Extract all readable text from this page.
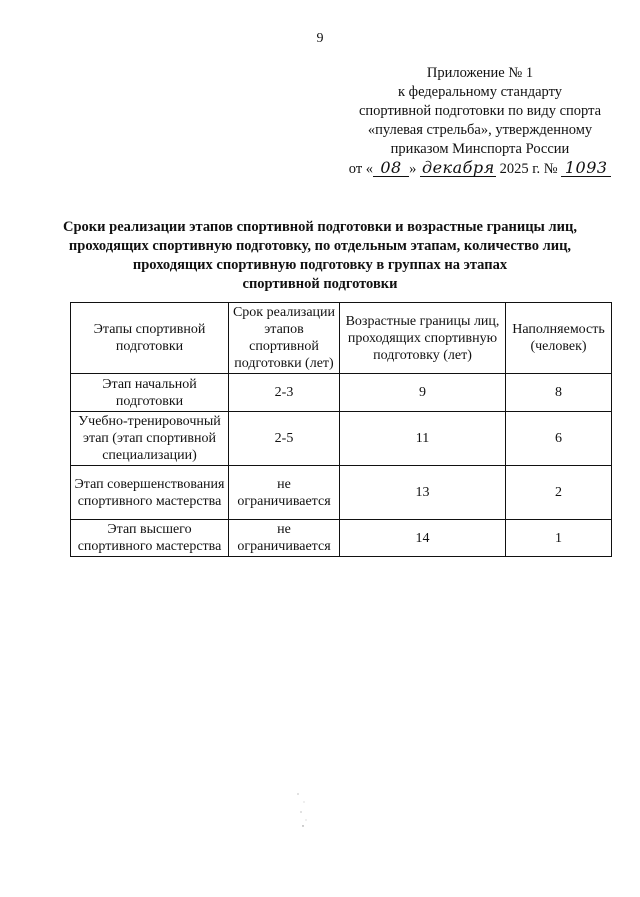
9
Приложение № 1
к федеральному стандарту
спортивной подготовки по виду спорта
«пулевая стрельба», утвержденному
приказом Минспорта России
от « 08 » декабря 2025 г. № 1093
Сроки реализации этапов спортивной подготовки и возрастные границы лиц,
проходящих спортивную подготовку, по отдельным этапам, количество лиц,
проходящих спортивную подготовку в группах на этапах
спортивной подготовки
Этапы спортивной подготовки	Срок реализации этапов спортивной подготовки (лет)	Возрастные границы лиц, проходящих спортивную подготовку (лет)	Наполняемость (человек)
Этап начальной подготовки	2-3	9	8
Учебно-тренировочный этап (этап спортивной специализации)	2-5	11	6
Этап совершенствования спортивного мастерства	не ограничивается	13	2
Этап высшего спортивного мастерства	не ограничивается	14	1
